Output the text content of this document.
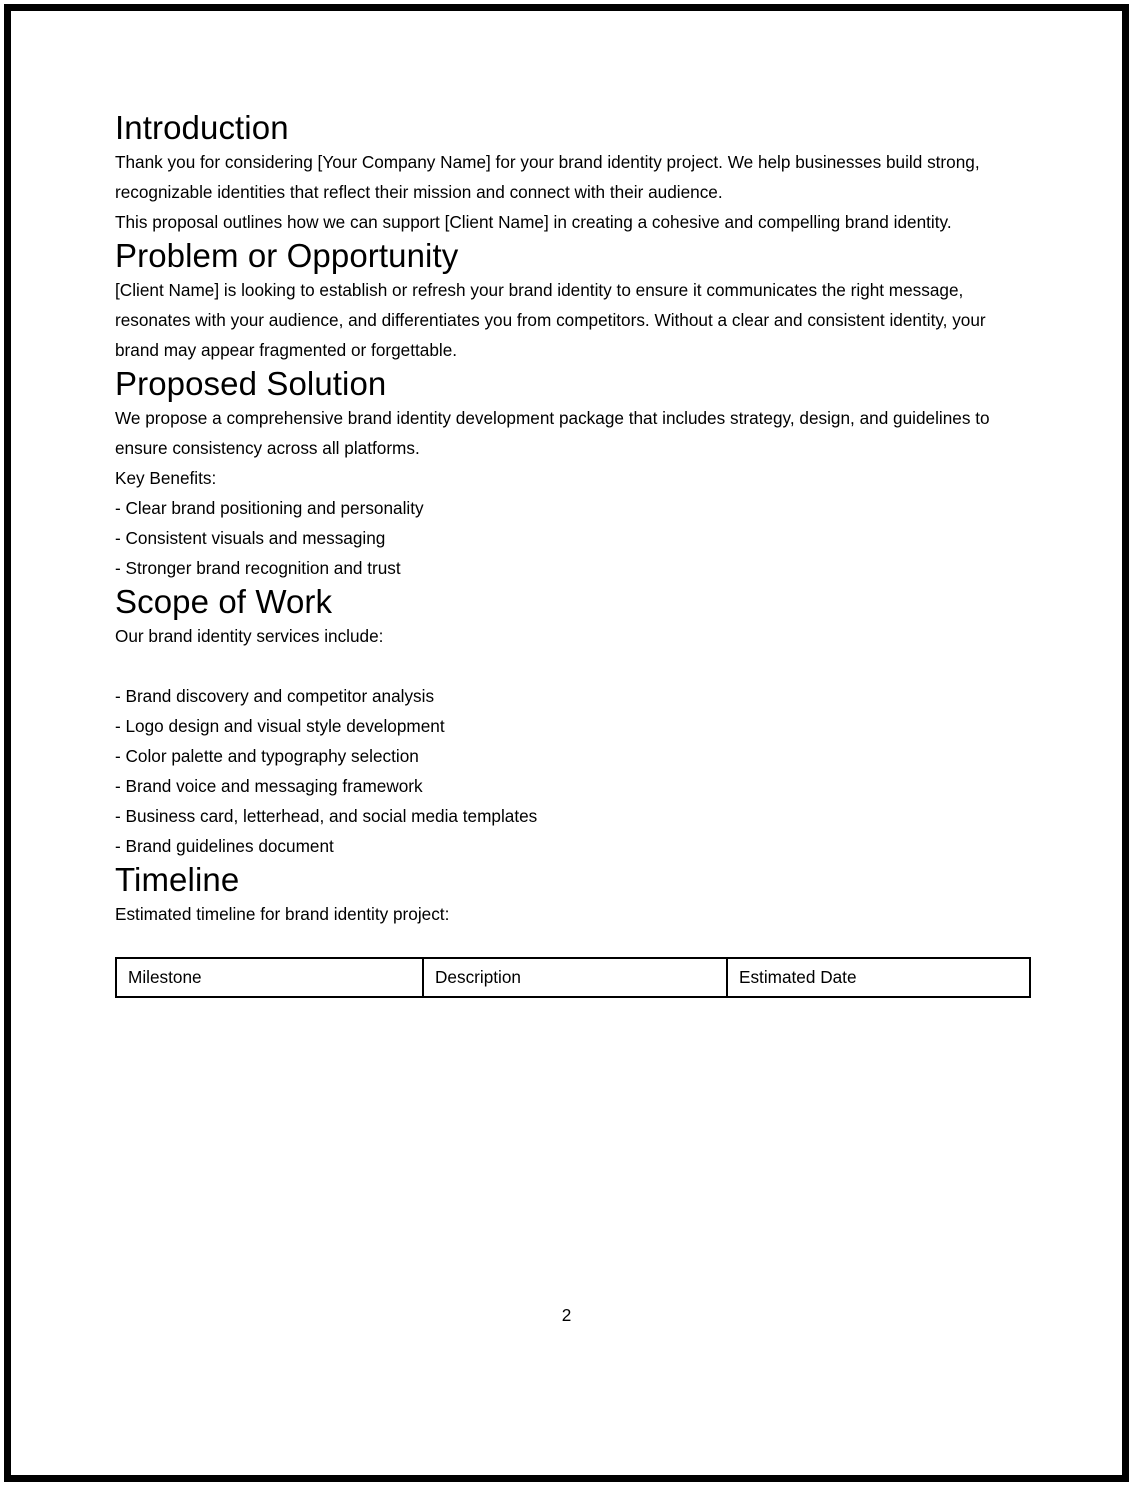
Introduction

Thank you for considering [Your Company Name] for your brand identity project. We help businesses build strong, recognizable identities that reflect their mission and connect with their audience.

This proposal outlines how we can support [Client Name] in creating a cohesive and compelling brand identity.

Problem or Opportunity

[Client Name] is looking to establish or refresh your brand identity to ensure it communicates the right message, resonates with your audience, and differentiates you from competitors. Without a clear and consistent identity, your brand may appear fragmented or forgettable.

Proposed Solution

We propose a comprehensive brand identity development package that includes strategy, design, and guidelines to ensure consistency across all platforms.

Key Benefits:

- Clear brand positioning and personality
- Consistent visuals and messaging
- Stronger brand recognition and trust
Scope of Work

Our brand identity services include:

- Brand discovery and competitor analysis
- Logo design and visual style development
- Color palette and typography selection
- Brand voice and messaging framework
- Business card, letterhead, and social media templates
- Brand guidelines document
Timeline

Estimated timeline for brand identity project:

Milestone	Description	Estimated Date
2
